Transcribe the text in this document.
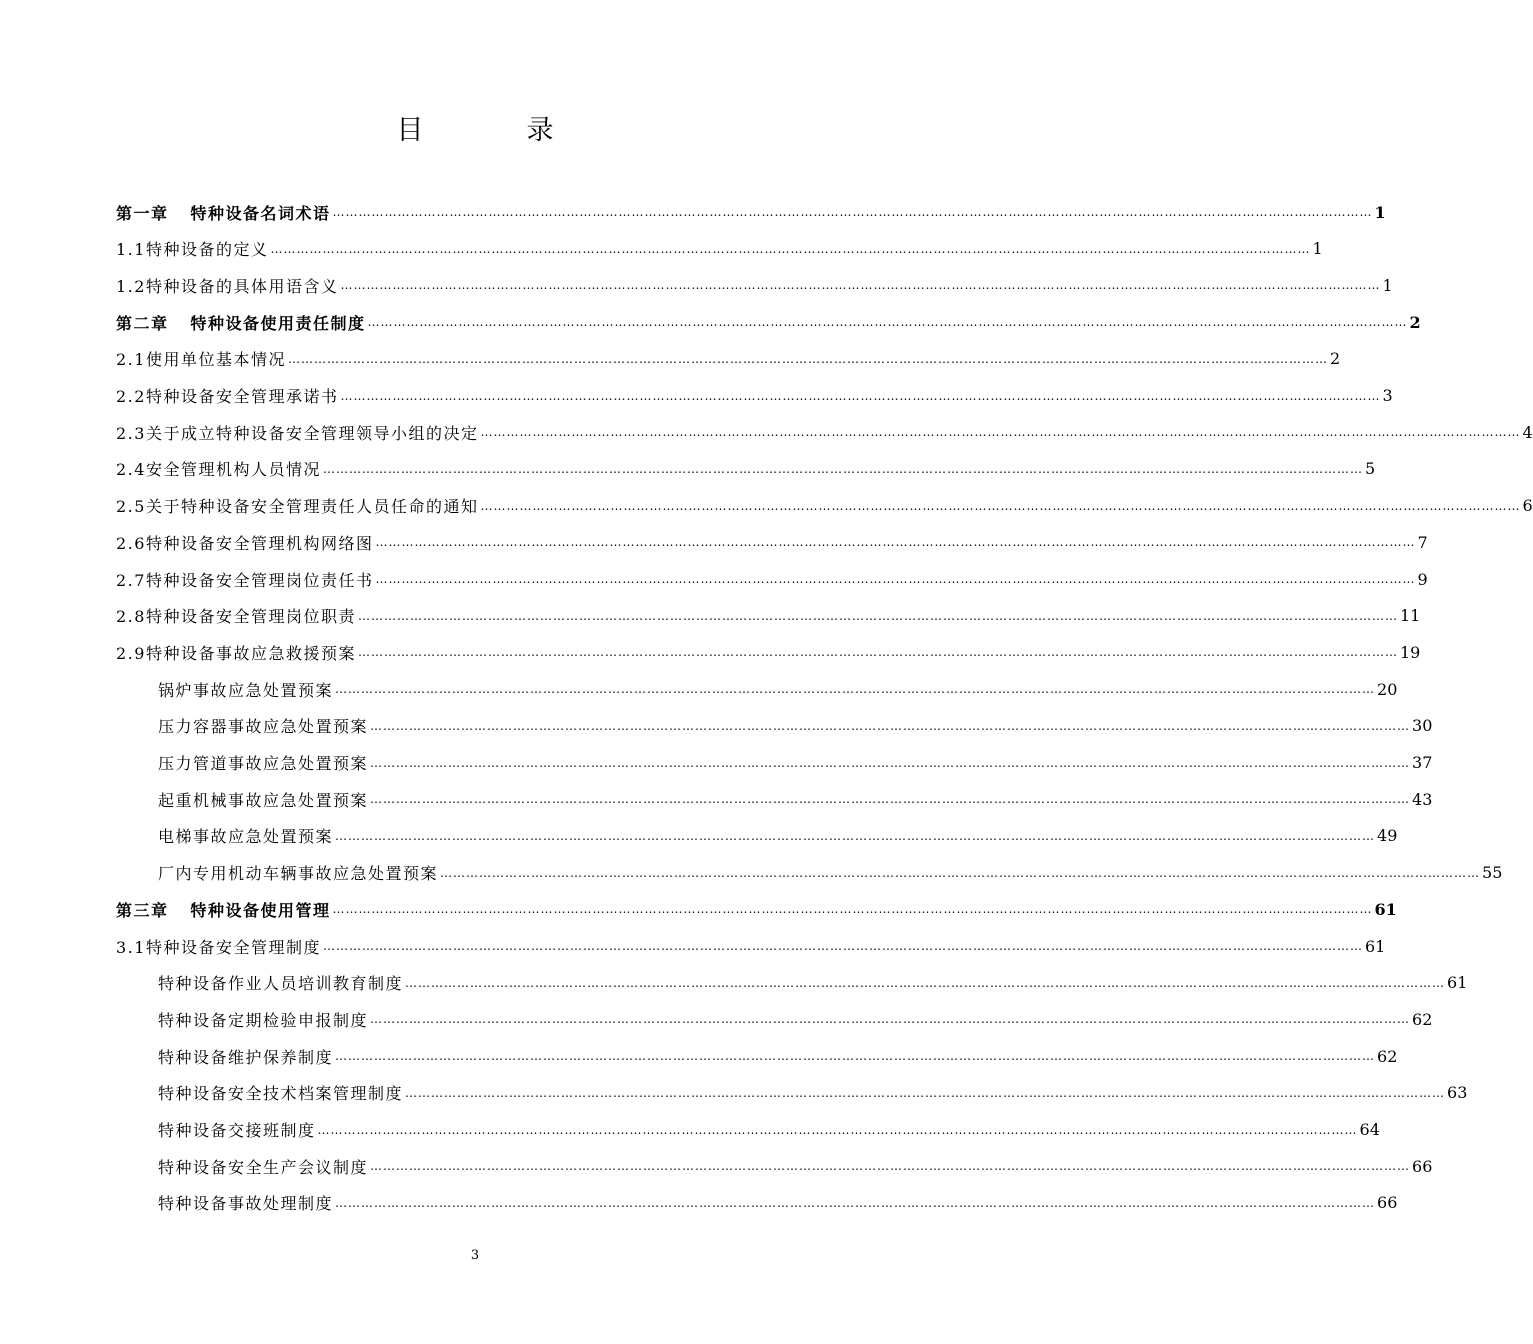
目　录
第一章 特种设备名词术语 …………………………………………………………………………………………………………………………………………………………………………………………………………………… 1
1.1特种设备的定义 …………………………………………………………………………………………………………………………………………………………………………………………………………………… 1
1.2特种设备的具体用语含义 …………………………………………………………………………………………………………………………………………………………………………………………………………………… 1
第二章 特种设备使用责任制度 …………………………………………………………………………………………………………………………………………………………………………………………………………………… 2
2.1使用单位基本情况 …………………………………………………………………………………………………………………………………………………………………………………………………………………… 2
2.2特种设备安全管理承诺书 …………………………………………………………………………………………………………………………………………………………………………………………………………………… 3
2.3关于成立特种设备安全管理领导小组的决定 …………………………………………………………………………………………………………………………………………………………………………………………………………………… 4
2.4安全管理机构人员情况 …………………………………………………………………………………………………………………………………………………………………………………………………………………… 5
2.5关于特种设备安全管理责任人员任命的通知 …………………………………………………………………………………………………………………………………………………………………………………………………………………… 6
2.6特种设备安全管理机构网络图 …………………………………………………………………………………………………………………………………………………………………………………………………………………… 7
2.7特种设备安全管理岗位责任书 …………………………………………………………………………………………………………………………………………………………………………………………………………………… 9
2.8特种设备安全管理岗位职责 …………………………………………………………………………………………………………………………………………………………………………………………………………………… 11
2.9特种设备事故应急救援预案 …………………………………………………………………………………………………………………………………………………………………………………………………………………… 19
锅炉事故应急处置预案 …………………………………………………………………………………………………………………………………………………………………………………………………………………… 20
压力容器事故应急处置预案 …………………………………………………………………………………………………………………………………………………………………………………………………………………… 30
压力管道事故应急处置预案 …………………………………………………………………………………………………………………………………………………………………………………………………………………… 37
起重机械事故应急处置预案 …………………………………………………………………………………………………………………………………………………………………………………………………………………… 43
电梯事故应急处置预案 …………………………………………………………………………………………………………………………………………………………………………………………………………………… 49
厂内专用机动车辆事故应急处置预案 …………………………………………………………………………………………………………………………………………………………………………………………………………………… 55
第三章 特种设备使用管理 …………………………………………………………………………………………………………………………………………………………………………………………………………………… 61
3.1特种设备安全管理制度 …………………………………………………………………………………………………………………………………………………………………………………………………………………… 61
特种设备作业人员培训教育制度 …………………………………………………………………………………………………………………………………………………………………………………………………………………… 61
特种设备定期检验申报制度 …………………………………………………………………………………………………………………………………………………………………………………………………………………… 62
特种设备维护保养制度 …………………………………………………………………………………………………………………………………………………………………………………………………………………… 62
特种设备安全技术档案管理制度 …………………………………………………………………………………………………………………………………………………………………………………………………………………… 63
特种设备交接班制度 …………………………………………………………………………………………………………………………………………………………………………………………………………………… 64
特种设备安全生产会议制度 …………………………………………………………………………………………………………………………………………………………………………………………………………………… 66
特种设备事故处理制度 …………………………………………………………………………………………………………………………………………………………………………………………………………………… 66
3
